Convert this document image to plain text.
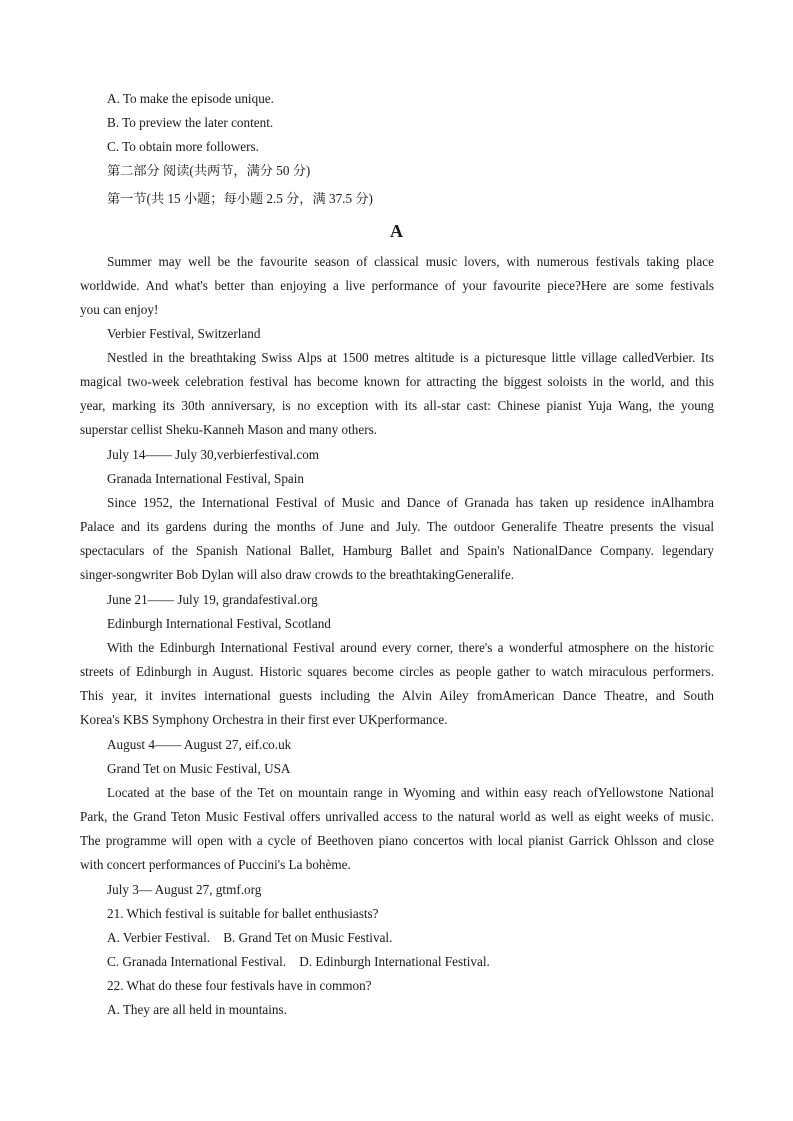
A. To make the episode unique.
B. To preview the later content.
C. To obtain more followers.
第二部分 阅读(共两节，满分 50 分)
第一节(共 15 小题；每小题 2.5 分，满 37.5 分)
A
Summer may well be the favourite season of classical music lovers, with numerous festivals taking place
worldwide. And what's better than enjoying a live performance of your favourite piece?Here are some festivals
you can enjoy!
Verbier Festival, Switzerland
Nestled in the breathtaking Swiss Alps at 1500 metres altitude is a picturesque little village calledVerbier. Its
magical two-week celebration festival has become known for attracting the biggest soloists in the world, and this
year, marking its 30th anniversary, is no exception with its all-star cast: Chinese pianist Yuja Wang, the young
superstar cellist Sheku-Kanneh Mason and many others.
July 14—— July 30,verbierfestival.com
Granada International Festival, Spain
Since 1952, the International Festival of Music and Dance of Granada has taken up residence inAlhambra
Palace and its gardens during the months of June and July. The outdoor Generalife Theatre presents the visual
spectaculars of the Spanish National Ballet, Hamburg Ballet and Spain's NationalDance Company. legendary
singer-songwriter Bob Dylan will also draw crowds to the breathtakingGeneralife.
June 21—— July 19, grandafestival.org
Edinburgh International Festival, Scotland
With the Edinburgh International Festival around every corner, there's a wonderful atmosphere on the historic
streets of Edinburgh in August. Historic squares become circles as people gather to watch miraculous performers.
This year, it invites international guests including the Alvin Ailey fromAmerican Dance Theatre, and South
Korea's KBS Symphony Orchestra in their first ever UKperformance.
August 4—— August 27, eif.co.uk
Grand Tet on Music Festival, USA
Located at the base of the Tet on mountain range in Wyoming and within easy reach ofYellowstone National
Park, the Grand Teton Music Festival offers unrivalled access to the natural world as well as eight weeks of music.
The programme will open with a cycle of Beethoven piano concertos with local pianist Garrick Ohlsson and close
with concert performances of Puccini's La bohème.
July 3— August 27, gtmf.org
21. Which festival is suitable for ballet enthusiasts?
A. Verbier Festival.    B. Grand Tet on Music Festival.
C. Granada International Festival.    D. Edinburgh International Festival.
22. What do these four festivals have in common?
A. They are all held in mountains.
